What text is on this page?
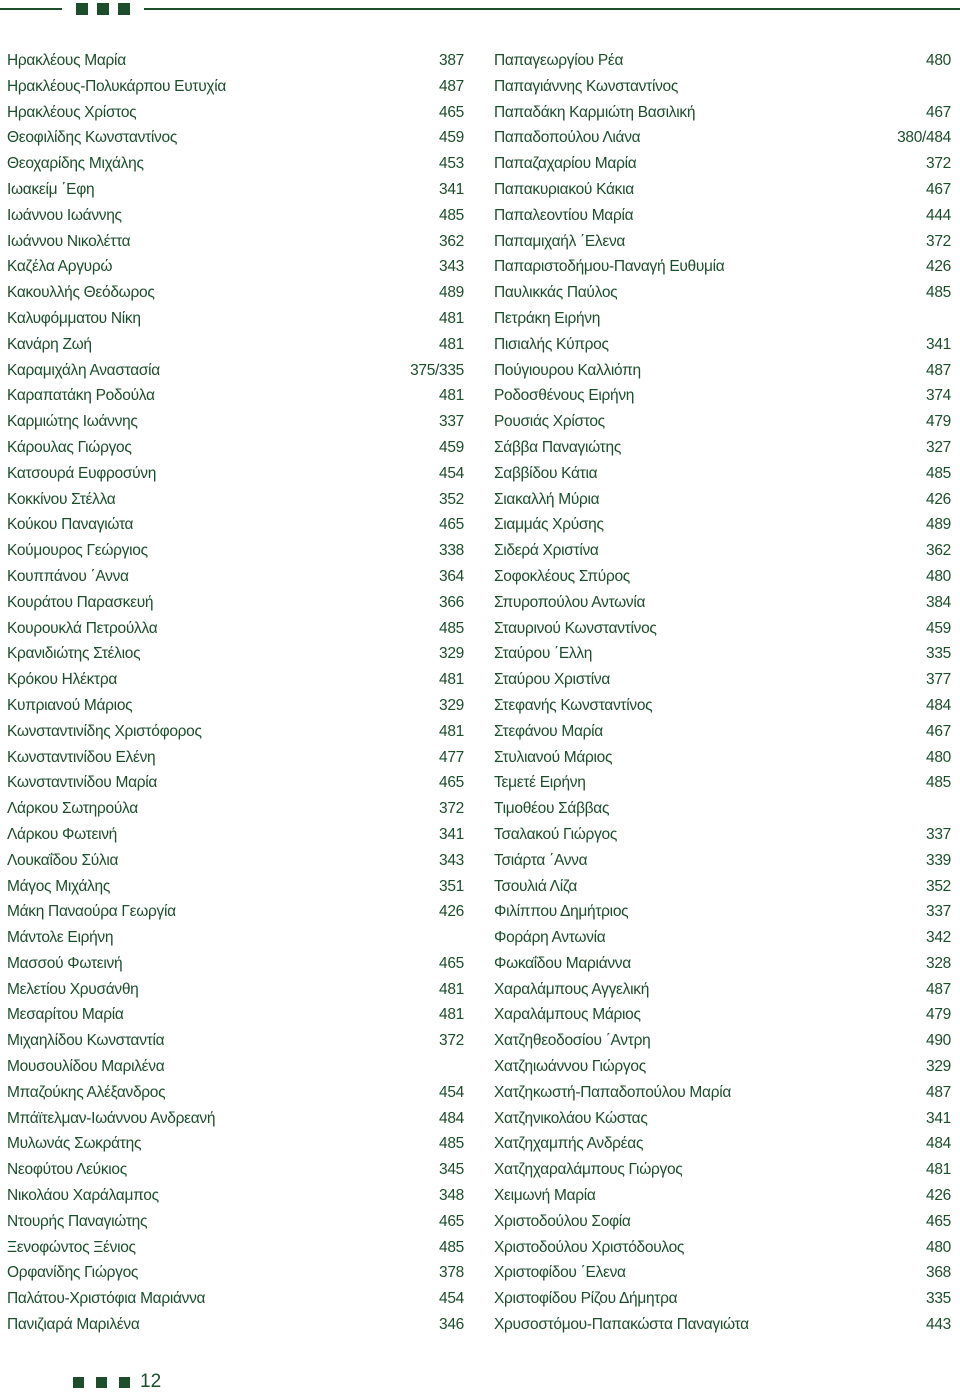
Ηρακλέους Μαρία	387
Ηρακλέους-Πολυκάρπου Ευτυχία	487
Ηρακλέους Χρίστος	465
Θεοφιλίδης Κωνσταντίνος	459
Θεοχαρίδης Μιχάλης	453
Ιωακείμ ΄Εφη	341
Ιωάννου Ιωάννης	485
Ιωάννου Νικολέττα	362
Καζέλα Αργυρώ	343
Κακουλλής Θεόδωρος	489
Καλυφόμματου Νίκη	481
Κανάρη Ζωή	481
Καραμιχάλη Αναστασία	375/335
Καραπατάκη Ροδούλα	481
Καρμιώτης Ιωάννης	337
Κάρουλας Γιώργος	459
Κατσουρά Ευφροσύνη	454
Κοκκίνου Στέλλα	352
Κούκου Παναγιώτα	465
Κούμουρος Γεώργιος	338
Κουππάνου ΄Αννα	364
Κουράτου Παρασκευή	366
Κουρουκλά Πετρούλλα	485
Κρανιδιώτης Στέλιος	329
Κρόκου Ηλέκτρα	481
Κυπριανού Μάριος	329
Κωνσταντινίδης Χριστόφορος	481
Κωνσταντινίδου Ελένη	477
Κωνσταντινίδου Μαρία	465
Λάρκου Σωτηρούλα	372
Λάρκου Φωτεινή	341
Λουκαΐδου Σύλια	343
Μάγος Μιχάλης	351
Μάκη Παναούρα Γεωργία	426
Μάντολε Ειρήνη
Μασσού Φωτεινή	465
Μελετίου Χρυσάνθη	481
Μεσαρίτου Μαρία	481
Μιχαηλίδου Κωνσταντία	372
Μουσουλίδου Μαριλένα
Μπαζούκης Αλέξανδρος	454
Μπάϊτελμαν-Ιωάννου Ανδρεανή	484
Μυλωνάς Σωκράτης	485
Νεοφύτου Λεύκιος	345
Νικολάου Χαράλαμπος	348
Ντουρής Παναγιώτης	465
Ξενοφώντος Ξένιος	485
Ορφανίδης Γιώργος	378
Παλάτου-Χριστόφια Μαριάννα	454
Πανιζιαρά Μαριλένα	346
Παπαγεωργίου Ρέα	480
Παπαγιάννης Κωνσταντίνος
Παπαδάκη Καρμιώτη Βασιλική	467
Παπαδοπούλου Λιάνα	380/484
Παπαζαχαρίου Μαρία	372
Παπακυριακού Κάκια	467
Παπαλεοντίου Μαρία	444
Παπαμιχαήλ ΄Ελενα	372
Παπαριστοδήμου-Παναγή Ευθυμία	426
Παυλικκάς Παύλος	485
Πετράκη Ειρήνη
Πισιαλής Κύπρος	341
Πούγιουρου Καλλιόπη	487
Ροδοσθένους Ειρήνη	374
Ρουσιάς Χρίστος	479
Σάββα Παναγιώτης	327
Σαββίδου Κάτια	485
Σιακαλλή Μύρια	426
Σιαμμάς Χρύσης	489
Σιδερά Χριστίνα	362
Σοφοκλέους Σπύρος	480
Σπυροπούλου Αντωνία	384
Σταυρινού Κωνσταντίνος	459
Σταύρου ΄Ελλη	335
Σταύρου Χριστίνα	377
Στεφανής Κωνσταντίνος	484
Στεφάνου Μαρία	467
Στυλιανού Μάριος	480
Τεμετέ Ειρήνη	485
Τιμοθέου Σάββας
Τσαλακού Γιώργος	337
Τσιάρτα ΄Αννα	339
Τσουλιά Λίζα	352
Φιλίππου Δημήτριος	337
Φοράρη Αντωνία	342
Φωκαΐδου Μαριάννα	328
Χαραλάμπους Αγγελική	487
Χαραλάμπους Μάριος	479
Χατζηθεοδοσίου ΄Αντρη	490
Χατζηιωάννου Γιώργος	329
Χατζηκωστή-Παπαδοπούλου Μαρία	487
Χατζηνικολάου Κώστας	341
Χατζηχαμπής Ανδρέας	484
Χατζηχαραλάμπους Γιώργος	481
Χειμωνή Μαρία	426
Χριστοδούλου Σοφία	465
Χριστοδούλου Χριστόδουλος	480
Χριστοφίδου ΄Ελενα	368
Χριστοφίδου Ρίζου Δήμητρα	335
Χρυσοστόμου-Παπακώστα Παναγιώτα	443
12
